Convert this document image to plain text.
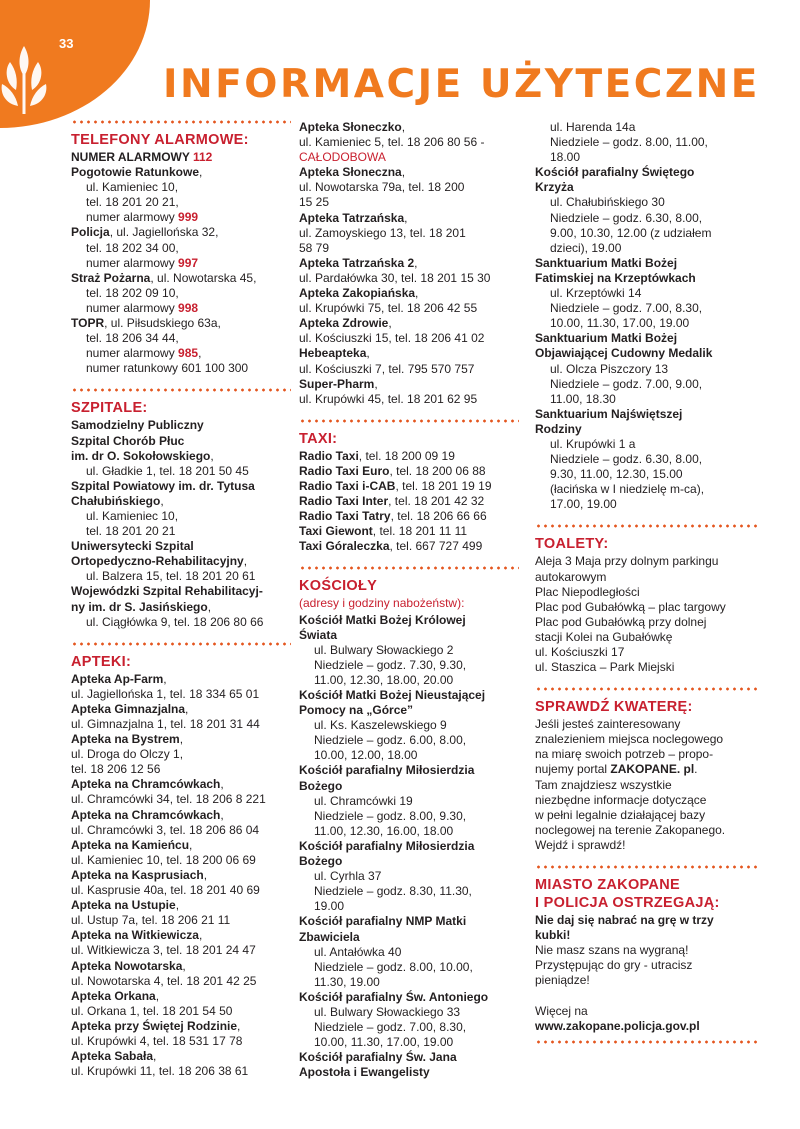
33
INFORMACJE UŻYTECZNE
TELEFONY ALARMOWE:
NUMER ALARMOWY 112
Pogotowie Ratunkowe,
ul. Kamieniec 10,
tel. 18 201 20 21,
numer alarmowy 999
Policja, ul. Jagiellońska 32,
tel. 18 202 34 00,
numer alarmowy 997
Straż Pożarna, ul. Nowotarska 45,
tel. 18 202 09 10,
numer alarmowy 998
TOPR, ul. Piłsudskiego 63a,
tel. 18 206 34 44,
numer alarmowy 985,
numer ratunkowy 601 100 300
SZPITALE:
Samodzielny Publiczny
Szpital Chorób Płuc
im. dr O. Sokołowskiego,
ul. Gładkie 1, tel. 18 201 50 45
Szpital Powiatowy im. dr. Tytusa
Chałubińskiego,
ul. Kamieniec 10,
tel. 18 201 20 21
Uniwersytecki Szpital
Ortopedyczno-Rehabilitacyjny,
ul. Balzera 15, tel. 18 201 20 61
Wojewódzki Szpital Rehabilitacyj-
ny im. dr S. Jasińskiego,
ul. Ciągłówka 9, tel. 18 206 80 66
APTEKI:
Apteka Ap-Farm,
ul. Jagiellońska 1, tel. 18 334 65 01
Apteka Gimnazjalna,
ul. Gimnazjalna 1, tel. 18 201 31 44
Apteka na Bystrem,
ul. Droga do Olczy 1,
tel. 18 206 12 56
Apteka na Chramcówkach,
ul. Chramcówki 34, tel. 18 206 8 221
Apteka na Chramcówkach,
ul. Chramcówki 3, tel. 18 206 86 04
Apteka na Kamieńcu,
ul. Kamieniec 10, tel. 18 200 06 69
Apteka na Kasprusiach,
ul. Kasprusie 40a, tel. 18 201 40 69
Apteka na Ustupie,
ul. Ustup 7a, tel. 18 206 21 11
Apteka na Witkiewicza,
ul. Witkiewicza 3, tel. 18 201 24 47
Apteka Nowotarska,
ul. Nowotarska 4, tel. 18 201 42 25
Apteka Orkana,
ul. Orkana 1, tel. 18 201 54 50
Apteka przy Świętej Rodzinie,
ul. Krupówki 4, tel. 18 531 17 78
Apteka Sabała,
ul. Krupówki 11, tel. 18 206 38 61
Apteka Słoneczko,
ul. Kamieniec 5, tel. 18 206 80 56 -
CAŁODOBOWA
Apteka Słoneczna,
ul. Nowotarska 79a, tel. 18 200
15 25
Apteka Tatrzańska,
ul. Zamoyskiego 13, tel. 18 201
58 79
Apteka Tatrzańska 2,
ul. Pardałówka 30, tel. 18 201 15 30
Apteka Zakopiańska,
ul. Krupówki 75, tel. 18 206 42 55
Apteka Zdrowie,
ul. Kościuszki 15, tel. 18 206 41 02
Hebeapteka,
ul. Kościuszki 7, tel. 795 570 757
Super-Pharm,
ul. Krupówki 45, tel. 18 201 62 95
TAXI:
Radio Taxi, tel. 18 200 09 19
Radio Taxi Euro, tel. 18 200 06 88
Radio Taxi i-CAB, tel. 18 201 19 19
Radio Taxi Inter, tel. 18 201 42 32
Radio Taxi Tatry, tel. 18 206 66 66
Taxi Giewont, tel. 18 201 11 11
Taxi Góraleczka, tel. 667 727 499
KOŚCIOŁY
(adresy i godziny nabożeństw):
Kościół Matki Bożej Królowej
Świata
ul. Bulwary Słowackiego 2
Niedziele – godz. 7.30, 9.30,
11.00, 12.30, 18.00, 20.00
Kościół Matki Bożej Nieustającej
Pomocy na „Górce”
ul. Ks. Kaszelewskiego 9
Niedziele – godz. 6.00, 8.00,
10.00, 12.00, 18.00
Kościół parafialny Miłosierdzia
Bożego
ul. Chramcówki 19
Niedziele – godz. 8.00, 9.30,
11.00, 12.30, 16.00, 18.00
Kościół parafialny Miłosierdzia
Bożego
ul. Cyrhla 37
Niedziele – godz. 8.30, 11.30,
19.00
Kościół parafialny NMP Matki
Zbawiciela
ul. Antałówka 40
Niedziele – godz. 8.00, 10.00,
11.30, 19.00
Kościół parafialny Św. Antoniego
ul. Bulwary Słowackiego 33
Niedziele – godz. 7.00, 8.30,
10.00, 11.30, 17.00, 19.00
Kościół parafialny Św. Jana
Apostoła i Ewangelisty
ul. Harenda 14a
Niedziele – godz. 8.00, 11.00,
18.00
Kościół parafialny Świętego
Krzyża
ul. Chałubińskiego 30
Niedziele – godz. 6.30, 8.00,
9.00, 10.30, 12.00 (z udziałem
dzieci), 19.00
Sanktuarium Matki Bożej
Fatimskiej na Krzeptówkach
ul. Krzeptówki 14
Niedziele – godz. 7.00, 8.30,
10.00, 11.30, 17.00, 19.00
Sanktuarium Matki Bożej
Objawiającej Cudowny Medalik
ul. Olcza Piszczory 13
Niedziele – godz. 7.00, 9.00,
11.00, 18.30
Sanktuarium Najświętszej
Rodziny
ul. Krupówki 1 a
Niedziele – godz. 6.30, 8.00,
9.30, 11.00, 12.30, 15.00
(łacińska w I niedzielę m-ca),
17.00, 19.00
TOALETY:
Aleja 3 Maja przy dolnym parkingu
autokarowym
Plac Niepodległości
Plac pod Gubałówką – plac targowy
Plac pod Gubałówką przy dolnej
stacji Kolei na Gubałówkę
ul. Kościuszki 17
ul. Staszica – Park Miejski
SPRAWDŹ KWATERĘ:
Jeśli jesteś zainteresowany
znalezieniem miejsca noclegowego
na miarę swoich potrzeb – propo-
nujemy portal ZAKOPANE. pl.
Tam znajdziesz wszystkie
niezbędne informacje dotyczące
w pełni legalnie działającej bazy
noclegowej na terenie Zakopanego.
Wejdź i sprawdź!
MIASTO ZAKOPANE
I POLICJA OSTRZEGAJĄ:
Nie daj się nabrać na grę w trzy
kubki!
Nie masz szans na wygraną!
Przystępując do gry - utracisz
pieniądze!
Więcej na
www.zakopane.policja.gov.pl
